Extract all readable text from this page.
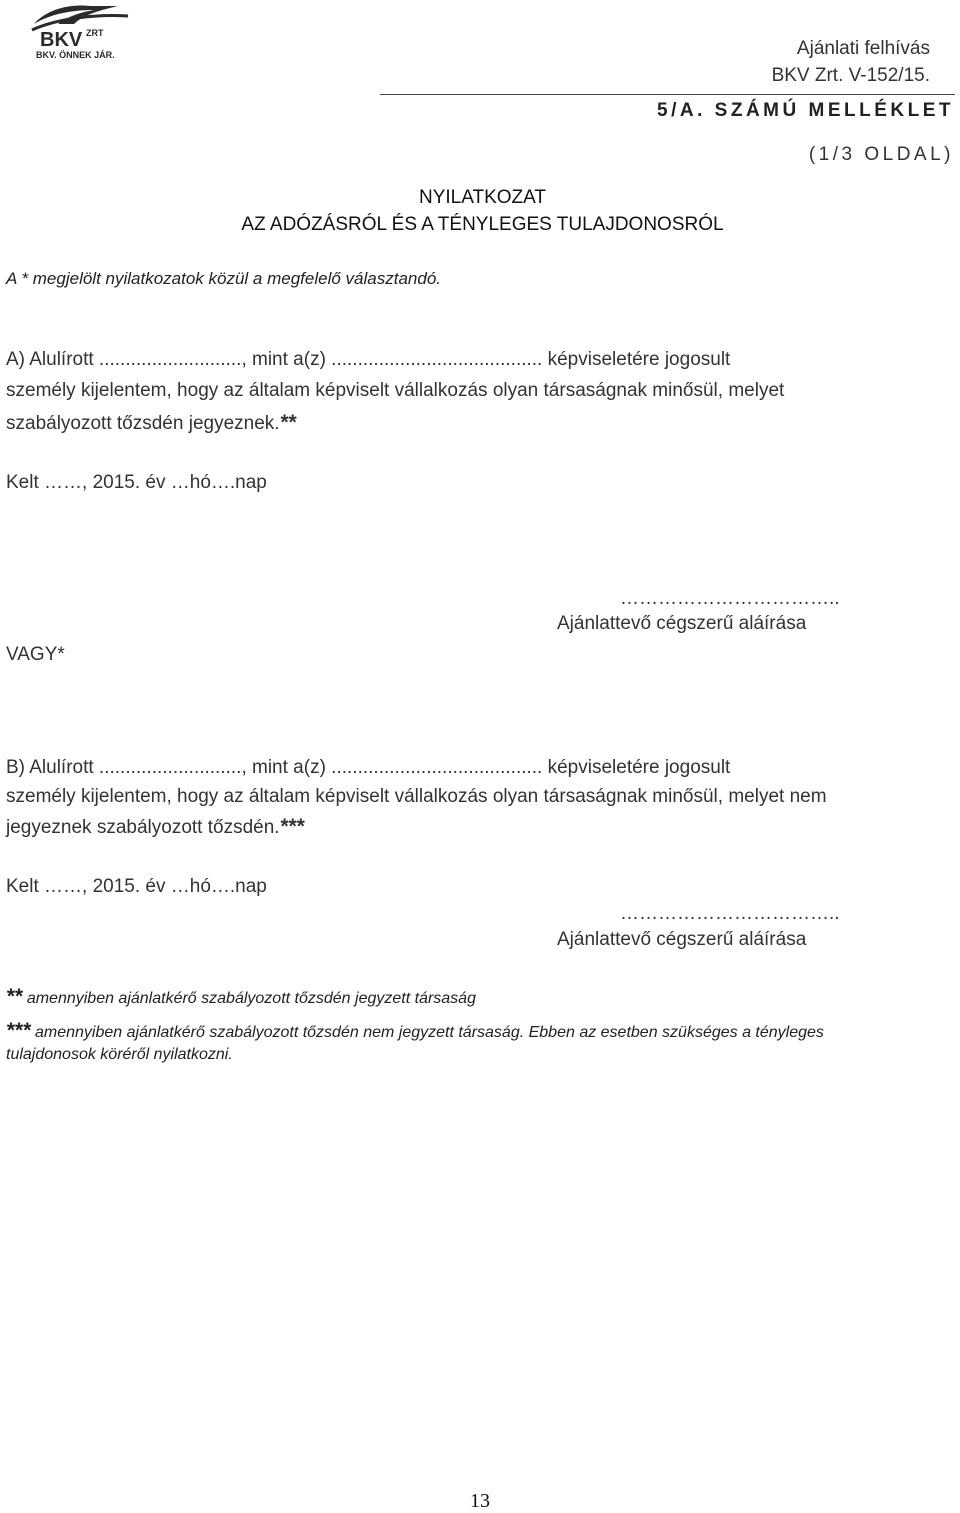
BKV ZRT
BKV. ÖNNEK JÁR.	Ajánlati felhívás
BKV Zrt. V-152/15.
5/A. SZÁMÚ MELLÉKLET
(1/3 OLDAL)
NYILATKOZAT
AZ ADÓZÁSRÓL ÉS A TÉNYLEGES TULAJDONOSRÓL
A * megjelölt nyilatkozatok közül a megfelelő választandó.
A) Alulírott ..........................., mint a(z) ........................................ képviseletére jogosult
személy kijelentem, hogy az általam képviselt vállalkozás olyan társaságnak minősül, melyet
szabályozott tőzsdén jegyeznek.**
Kelt ……, 2015. év …hó….nap
……………………………..
Ajánlattevő cégszerű aláírása
VAGY*
B) Alulírott ..........................., mint a(z) ........................................ képviseletére jogosult
személy kijelentem, hogy az általam képviselt vállalkozás olyan társaságnak minősül, melyet nem
jegyeznek szabályozott tőzsdén.***
Kelt ……, 2015. év …hó….nap
……………………………..
Ajánlattevő cégszerű aláírása
** amennyiben ajánlatkérő szabályozott tőzsdén jegyzett társaság
*** amennyiben ajánlatkérő szabályozott tőzsdén nem jegyzett társaság. Ebben az esetben szükséges a tényleges
tulajdonosok köréről nyilatkozni.
13
